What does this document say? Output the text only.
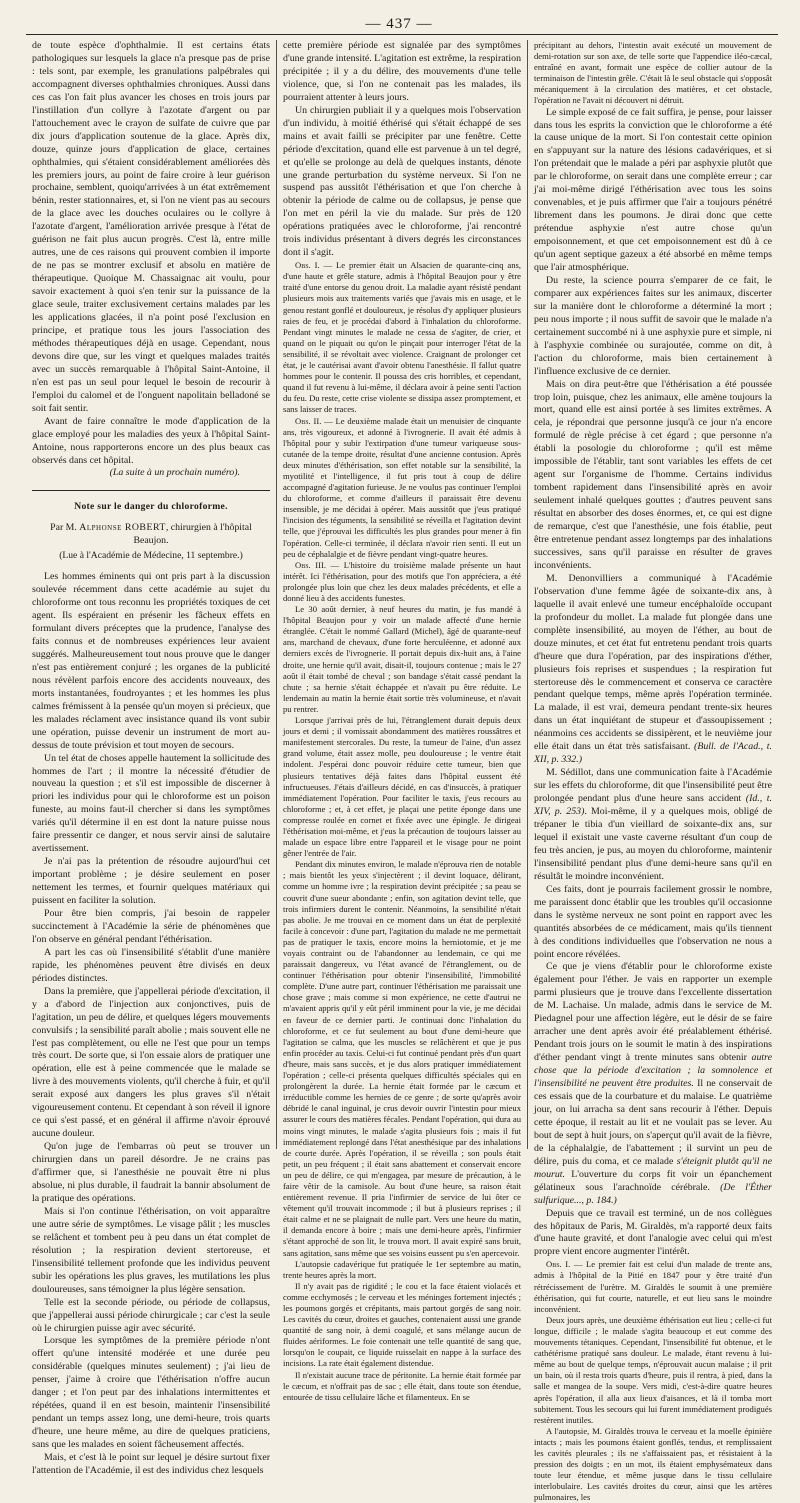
— 437 —

de toute espèce d'ophthalmie. Il est certains états pathologiques sur lesquels la glace n'a presque pas de prise : tels sont, par exemple, les granulations palpébrales qui accompagnent diverses ophthalmies chroniques. Aussi dans ces cas l'on fait plus avancer les choses en trois jours par l'instillation d'un collyre à l'azotate d'argent ou par l'attouchement avec le crayon de sulfate de cuivre que par dix jours d'application soutenue de la glace. Après dix, douze, quinze jours d'application de glace, certaines ophthalmies, qui s'étaient considérablement améliorées dès les premiers jours, au point de faire croire à leur guérison prochaine, semblent, quoiqu'arrivées à un état extrêmement bénin, rester stationnaires, et, si l'on ne vient pas au secours de la glace avec les douches oculaires ou le collyre à l'azotate d'argent, l'amélioration arrivée presque à l'état de guérison ne fait plus aucun progrès. C'est là, entre mille autres, une de ces raisons qui prouvent combien il importe de ne pas se montrer exclusif et absolu en matière de thérapeutique. Quoique M. Chassaignac ait voulu, pour savoir exactement à quoi s'en tenir sur la puissance de la glace seule, traiter exclusivement certains malades par les les applications glacées, il n'a point posé l'exclusion en principe, et pratique tous les jours l'association des méthodes thérapeutiques déjà en usage. Cependant, nous devons dire que, sur les vingt et quelques malades traités avec un succès remarquable à l'hôpital Saint-Antoine, il n'en est pas un seul pour lequel le besoin de recourir à l'emploi du calomel et de l'onguent napolitain belladoné se soit fait sentir.

Avant de faire connaître le mode d'application de la glace employé pour les maladies des yeux à l'hôpital Saint-Antoine, nous rapporterons encore un des plus beaux cas observés dans cet hôpital.

(La suite à un prochain numéro).

Note sur le danger du chloroforme.
Par M. Alphonse ROBERT, chirurgien à l'hôpital Beaujon.
(Lue à l'Académie de Médecine, 11 septembre.)

Les hommes éminents qui ont pris part à la discussion soulevée récemment dans cette académie au sujet du chloroforme ont tous reconnu les propriétés toxiques de cet agent. Ils espéraient en présenir les fâcheux effets en formulant divers préceptes que la prudence, l'analyse des faits connus et de nombreuses expériences leur avaient suggérés. Malheureusement tout nous prouve que le danger n'est pas entièrement conjuré ; les organes de la publicité nous révèlent parfois encore des accidents nouveaux, des morts instantanées, foudroyantes ; et les hommes les plus calmes frémissent à la pensée qu'un moyen si précieux, que les malades réclament avec insistance quand ils vont subir une opération, puisse devenir un instrument de mort au-dessus de toute prévision et tout moyen de secours.

Un tel état de choses appelle hautement la sollicitude des hommes de l'art ; il montre la nécessité d'étudier de nouveau la question ; et s'il est impossible de discerner à priori les individus pour qui le chloroforme est un poison funeste, au moins faut-il chercher si dans les symptômes variés qu'il détermine il en est dont la nature puisse nous faire pressentir ce danger, et nous servir ainsi de salutaire avertissement.

Je n'ai pas la prétention de résoudre aujourd'hui cet important problème ; je désire seulement en poser nettement les termes, et fournir quelques matériaux qui puissent en faciliter la solution.

Pour être bien compris, j'ai besoin de rappeler succinctement à l'Académie la série de phénomènes que l'on observe en général pendant l'éthérisation.

A part les cas où l'insensibilité s'établit d'une manière rapide, les phénomènes peuvent être divisés en deux périodes distinctes.

Dans la première, que j'appellerai période d'excitation, il y a d'abord de l'injection aux conjonctives, puis de l'agitation, un peu de délire, et quelques légers mouvements convulsifs ; la sensibilité paraît abolie ; mais souvent elle ne l'est pas complètement, ou elle ne l'est que pour un temps très court. De sorte que, si l'on essaie alors de pratiquer une opération, elle est à peine commencée que le malade se livre à des mouvements violents, qu'il cherche à fuir, et qu'il serait exposé aux dangers les plus graves s'il n'était vigoureusement contenu. Et cependant à son réveil il ignore ce qui s'est passé, et en général il affirme n'avoir éprouvé aucune douleur.

Qu'on juge de l'embarras où peut se trouver un chirurgien dans un pareil désordre. Je ne crains pas d'affirmer que, si l'anesthésie ne pouvait être ni plus absolue, ni plus durable, il faudrait la bannir absolument de la pratique des opérations.

Mais si l'on continue l'éthérisation, on voit apparaître une autre série de symptômes. Le visage pâlit ; les muscles se relâchent et tombent peu à peu dans un état complet de résolution ; la respiration devient stertoreuse, et l'insensibilité tellement profonde que les individus peuvent subir les opérations les plus graves, les mutilations les plus douloureuses, sans témoigner la plus légère sensation.

Telle est la seconde période, ou période de collapsus, que j'appellerai aussi période chirurgicale ; car c'est la seule où le chirurgien puisse agir avec sécurité.

Lorsque les symptômes de la première période n'ont offert qu'une intensité modérée et une durée peu considérable (quelques minutes seulement) ; j'ai lieu de penser, j'aime à croire que l'éthérisation n'offre aucun danger ; et l'on peut par des inhalations intermittentes et répétées, quand il en est besoin, maintenir l'insensibilité pendant un temps assez long, une demi-heure, trois quarts d'heure, une heure même, au dire de quelques praticiens, sans que les malades en soient fâcheusement affectés.

Mais, et c'est là le point sur lequel je désire surtout fixer l'attention de l'Académie, il est des individus chez lesquels

cette première période est signalée par des symptômes d'une grande intensité. L'agitation est extrême, la respiration précipitée ; il y a du délire, des mouvements d'une telle violence, que, si l'on ne contenait pas les malades, ils pourraient attenter à leurs jours.

Un chirurgien publiait il y a quelques mois l'observation d'un individu, à moitié éthérisé qui s'était échappé de ses mains et avait failli se précipiter par une fenêtre. Cette période d'excitation, quand elle est parvenue à un tel degré, et qu'elle se prolonge au delà de quelques instants, dénote une grande perturbation du système nerveux. Si l'on ne suspend pas aussitôt l'éthérisation et que l'on cherche à obtenir la période de calme ou de collapsus, je pense que l'on met en péril la vie du malade. Sur près de 120 opérations pratiquées avec le chloroforme, j'ai rencontré trois individus présentant à divers degrés les circonstances dont il s'agit.

Obs. I. — Le premier était un Alsacien de quarante-cinq ans, d'une haute et grêle stature, admis à l'hôpital Beaujon pour y être traité d'une entorse du genou droit. La maladie ayant résisté pendant plusieurs mois aux traitements variés que j'avais mis en usage, et le genou restant gonflé et douloureux, je résolus d'y appliquer plusieurs raies de feu, et je procédai d'abord à l'inhalation du chloroforme. Pendant vingt minutes le malade ne cessa de s'agiter, de crier, et quand on le piquait ou qu'on le pinçait pour interroger l'état de la sensibilité, il se révoltait avec violence. Craignant de prolonger cet état, je le cautérisai avant d'avoir obtenu l'anesthésie. Il fallut quatre hommes pour le contenir. Il poussa des cris horribles, et cependant, quand il fut revenu à lui-même, il déclara avoir à peine senti l'action du feu. Du reste, cette crise violente se dissipa assez promptement, et sans laisser de traces.

Obs. II. — Le deuxième malade était un menuisier de cinquante ans, très vigoureux, et adonné à l'ivrognerie. Il avait été admis à l'hôpital pour y subir l'extirpation d'une tumeur variqueuse sous-cutanée de la tempe droite, résultat d'une ancienne contusion. Après deux minutes d'éthérisation, son effet notable sur la sensibilité, la myotilité et l'intelligence, il fut pris tout à coup de délire accompagné d'agitation furieuse. Je ne voulus pas continuer l'emploi du chloroforme, et comme d'ailleurs il paraissait être devenu insensible, je me décidai à opérer. Mais aussitôt que j'eus pratiqué l'incision des téguments, la sensibilité se réveilla et l'agitation devint telle, que j'éprouvai les difficultés les plus grandes pour mener à fin l'opération. Celle-ci terminée, il déclara n'avoir rien senti. Il eut un peu de céphalalgie et de fièvre pendant vingt-quatre heures.

Obs. III. — L'histoire du troisième malade présente un haut intérêt. Ici l'éthérisation, pour des motifs que l'on appréciera, a été prolongée plus loin que chez les deux malades précédents, et elle a donné lieu à des accidents funestes.

Le 30 août dernier, à neuf heures du matin, je fus mandé à l'hôpital Beaujon pour y voir un malade affecté d'une hernie étranglée. C'était le nommé Gallard (Michel), âgé de quarante-neuf ans, marchand de chevaux, d'une forte herculéenne, et adonné aux derniers excès de l'ivrognerie. Il portait depuis dix-huit ans, à l'aine droite, une hernie qu'il avait, disait-il, toujours contenue ; mais le 27 août il était tombé de cheval ; son bandage s'était cassé pendant la chute ; sa hernie s'était échappée et n'avait pu être réduite. Le lendemain au matin la hernie était sortie très volumineuse, et n'avait pu rentrer.

Lorsque j'arrivai près de lui, l'étranglement durait depuis deux jours et demi ; il vomissait abondamment des matières roussâtres et manifestement stercorales. Du reste, la tumeur de l'aine, d'un assez grand volume, était assez molle, peu douloureuse ; le ventre était indolent. J'espérai donc pouvoir réduire cette tumeur, bien que plusieurs tentatives déjà faites dans l'hôpital eussent été infructueuses. J'étais d'ailleurs décidé, en cas d'insuccès, à pratiquer immédiatement l'opération. Pour faciliter le taxis, j'eus recours au chloroforme ; et, à cet effet, je plaçai une petite éponge dans une compresse roulée en cornet et fixée avec une épingle. Je dirigeai l'éthérisation moi-même, et j'eus la précaution de toujours laisser au malade un espace libre entre l'appareil et le visage pour ne point gêner l'entrée de l'air.

Pendant dix minutes environ, le malade n'éprouva rien de notable ; mais bientôt les yeux s'injectèrent ; il devint loquace, délirant, comme un homme ivre ; la respiration devint précipitée ; sa peau se couvrit d'une sueur abondante ; enfin, son agitation devint telle, que trois infirmiers durent le contenir. Néanmoins, la sensibilité n'était pas abolie. Je me trouvai en ce moment dans un état de perplexité facile à concevoir : d'une part, l'agitation du malade ne me permettait pas de pratiquer le taxis, encore moins la herniotomie, et je me voyais contraint ou de l'abandonner au lendemain, ce qui me paraissait dangereux, vu l'état avancé de l'étranglement, ou de continuer l'éthérisation pour obtenir l'insensibilité, l'immobilité complète. D'une autre part, continuer l'éthérisation me paraissait une chose grave ; mais comme si mon expérience, ne cette d'autrui ne m'avaient appris qu'il y eût péril imminent pour la vie, je me décidai en faveur de ce dernier parti. Je continuai donc l'inhalation du chloroforme, et ce fut seulement au bout d'une demi-heure que l'agitation se calma, que les muscles se relâchèrent et que je pus enfin procéder au taxis. Celui-ci fut continué pendant près d'un quart d'heure, mais sans succès, et je dus alors pratiquer immédiatement l'opération ; celle-ci présenta quelques difficultés spéciales qui en prolongèrent la durée. La hernie était formée par le cæcum et irréductible comme les hernies de ce genre ; de sorte qu'après avoir débridé le canal inguinal, je crus devoir ouvrir l'intestin pour mieux assurer le cours des matières fécales. Pendant l'opération, qui dura au moins vingt minutes, le malade s'agita plusieurs fois ; mais il fut immédiatement replongé dans l'état anesthésique par des inhalations de courte durée. Après l'opération, il se réveilla ; son pouls était petit, un peu fréquent ; il était sans abattement et conservait encore un peu de délire, ce qui m'engagea, par mesure de précaution, à le faire vêtir de la camisole. Au bout d'une heure, sa raison était entièrement revenue. Il pria l'infirmier de service de lui ôter ce vêtement qu'il trouvait incommode ; il but à plusieurs reprises ; il était calme et ne se plaignait de nulle part. Vers une heure du matin, il demanda encore à boire ; mais une demi-heure après, l'infirmier s'étant approché de son lit, le trouva mort. Il avait expiré sans bruit, sans agitation, sans même que ses voisins eussent pu s'en apercevoir.

L'autopsie cadavérique fut pratiquée le 1er septembre au matin, trente heures après la mort.

Il n'y avait pas de rigidité ; le cou et la face étaient violacés et comme ecchymosés ; le cerveau et les méninges fortement injectés ; les poumons gorgés et crépitants, mais partout gorgés de sang noir. Les cavités du cœur, droites et gauches, contenaient aussi une grande quantité de sang noir, à demi coagulé, et sans mélange aucun de fluides aériformes. Le foie contenait une telle quantité de sang que, lorsqu'on le coupait, ce liquide ruisselait en nappe à la surface des incisions. La rate était également distendue.

Il n'existait aucune trace de péritonite. La hernie était formée par le cæcum, et n'offrait pas de sac ; elle était, dans toute son étendue, entourée de tissu cellulaire lâche et filamenteux. En se

précipitant au dehors, l'intestin avait exécuté un mouvement de demi-rotation sur son axe, de telle sorte que l'appendice iléo-cæcal, entraîné en avant, formait une espèce de collier autour de la terminaison de l'intestin grêle. C'était là le seul obstacle qui s'opposât mécaniquement à la circulation des matières, et cet obstacle, l'opération ne l'avait ni découvert ni détruit.

Le simple exposé de ce fait suffira, je pense, pour laisser dans tous les esprits la conviction que le chloroforme a été la cause unique de la mort. Si l'on contestait cette opinion en s'appuyant sur la nature des lésions cadavériques, et si l'on prétendait que le malade a péri par asphyxie plutôt que par le chloroforme, on serait dans une complète erreur ; car j'ai moi-même dirigé l'éthérisation avec tous les soins convenables, et je puis affirmer que l'air a toujours pénétré librement dans les poumons. Je dirai donc que cette prétendue asphyxie n'est autre chose qu'un empoisonnement, et que cet empoisonnement est dû à ce qu'un agent septique gazeux a été absorbé en même temps que l'air atmosphérique.

Du reste, la science pourra s'emparer de ce fait, le comparer aux expériences faites sur les animaux, discerter sur la manière dont le chloroforme a déterminé la mort ; peu nous importe ; il nous suffit de savoir que le malade n'a certainement succombé ni à une asphyxie pure et simple, ni à l'asphyxie combinée ou surajoutée, comme on dit, à l'action du chloroforme, mais bien certainement à l'influence exclusive de ce dernier.

Mais on dira peut-être que l'éthérisation a été poussée trop loin, puisque, chez les animaux, elle amène toujours la mort, quand elle est ainsi portée à ses limites extrêmes. A cela, je répondrai que personne jusqu'à ce jour n'a encore formulé de règle précise à cet égard ; que personne n'a établi la posologie du chloroforme ; qu'il est même impossible de l'établir, tant sont variables les effets de cet agent sur l'organisme de l'homme. Certains individus tombent rapidement dans l'insensibilité après en avoir seulement inhalé quelques gouttes ; d'autres peuvent sans résultat en absorber des doses énormes, et, ce qui est digne de remarque, c'est que l'anesthésie, une fois établie, peut être entretenue pendant assez longtemps par des inhalations successives, sans qu'il paraisse en résulter de graves inconvénients.

M. Denonvilliers a communiqué à l'Académie l'observation d'une femme âgée de soixante-dix ans, à laquelle il avait enlevé une tumeur encéphaloïde occupant la profondeur du mollet. La malade fut plongée dans une complète insensibilité, au moyen de l'éther, au bout de douze minutes, et cet état fut entretenu pendant trois quarts d'heure que dura l'opération, par des inspirations d'éther, plusieurs fois reprises et suspendues ; la respiration fut stertoreuse dès le commencement et conserva ce caractère pendant quelque temps, même après l'opération terminée. La malade, il est vrai, demeura pendant trente-six heures dans un état inquiétant de stupeur et d'assoupissement ; néanmoins ces accidents se dissipèrent, et le neuvième jour elle était dans un état très satisfaisant. (Bull. de l'Acad., t. XII, p. 332.)

M. Sédillot, dans une communication faite à l'Académie sur les effets du chloroforme, dit que l'insensibilité peut être prolongée pendant plus d'une heure sans accident (Id., t. XIV, p. 253). Moi-même, il y a quelques mois, obligé de trépaner le tibia d'un vieillard de soixante-dix ans, sur lequel il existait une vaste caverne résultant d'un coup de feu très ancien, je pus, au moyen du chloroforme, maintenir l'insensibilité pendant plus d'une demi-heure sans qu'il en résultât le moindre inconvénient.

Ces faits, dont je pourrais facilement grossir le nombre, me paraissent donc établir que les troubles qu'il occasionne dans le système nerveux ne sont point en rapport avec les quantités absorbées de ce médicament, mais qu'ils tiennent à des conditions individuelles que l'observation ne nous a point encore révélées.

Ce que je viens d'établir pour le chloroforme existe également pour l'éther. Je vais en rapporter un exemple parmi plusieurs que je trouve dans l'excellente dissertation de M. Lachaise. Un malade, admis dans le service de M. Piedagnel pour une affection légère, eut le désir de se faire arracher une dent après avoir été préalablement éthérisé. Pendant trois jours on le soumit le matin à des inspirations d'éther pendant vingt à trente minutes sans obtenir autre chose que la période d'excitation ; la somnolence et l'insensibilité ne peuvent être produites. Il ne conservait de ces essais que de la courbature et du malaise. Le quatrième jour, on lui arracha sa dent sans recourir à l'éther. Depuis cette époque, il restait au lit et ne voulait pas se lever. Au bout de sept à huit jours, on s'aperçut qu'il avait de la fièvre, de la céphalalgie, de l'abattement ; il survint un peu de délire, puis du coma, et ce malade s'éteignit plutôt qu'il ne mourut. L'ouverture du corps fit voir un épanchement gélatineux sous l'arachnoïde cérébrale. (De l'Éther sulfurique..., p. 184.)

Depuis que ce travail est terminé, un de nos collègues des hôpitaux de Paris, M. Giraldès, m'a rapporté deux faits d'une haute gravité, et dont l'analogie avec celui qui m'est propre vient encore augmenter l'intérêt.

Obs. I. — Le premier fait est celui d'un malade de trente ans, admis à l'hôpital de la Pitié en 1847 pour y être traité d'un rétrécissement de l'urètre. M. Giraldès le soumit à une première éthérisation, qui fut courte, naturelle, et eut lieu sans le moindre inconvénient.

Deux jours après, une deuxième éthérisation eut lieu ; celle-ci fut longue, difficile ; le malade s'agita beaucoup et eut comme des mouvements tétaniques. Cependant, l'insensibilité fut obtenue, et le cathétérisme pratiqué sans douleur. Le malade, étant revenu à lui-même au bout de quelque temps, n'éprouvait aucun malaise ; il prit un bain, où il resta trois quarts d'heure, puis il rentra, à pied, dans la salle et mangea de la soupe. Vers midi, c'est-à-dire quatre heures après l'opération, il alla aux lieux d'aisances, et là il tomba mort subitement. Tous les secours qui lui furent immédiatement prodigués restèrent inutiles.

A l'autopsie, M. Giraldès trouva le cerveau et la moelle épinière intacts ; mais les poumons étaient gonflés, tendus, et remplissaient les cavités pleurales ; ils ne s'affaissaient pas, et résistaient à la pression des doigts ; en un mot, ils étaient emphysémateux dans toute leur étendue, et même jusque dans le tissu cellulaire interlobulaire. Les cavités droites du cœur, ainsi que les artères pulmonaires, les
